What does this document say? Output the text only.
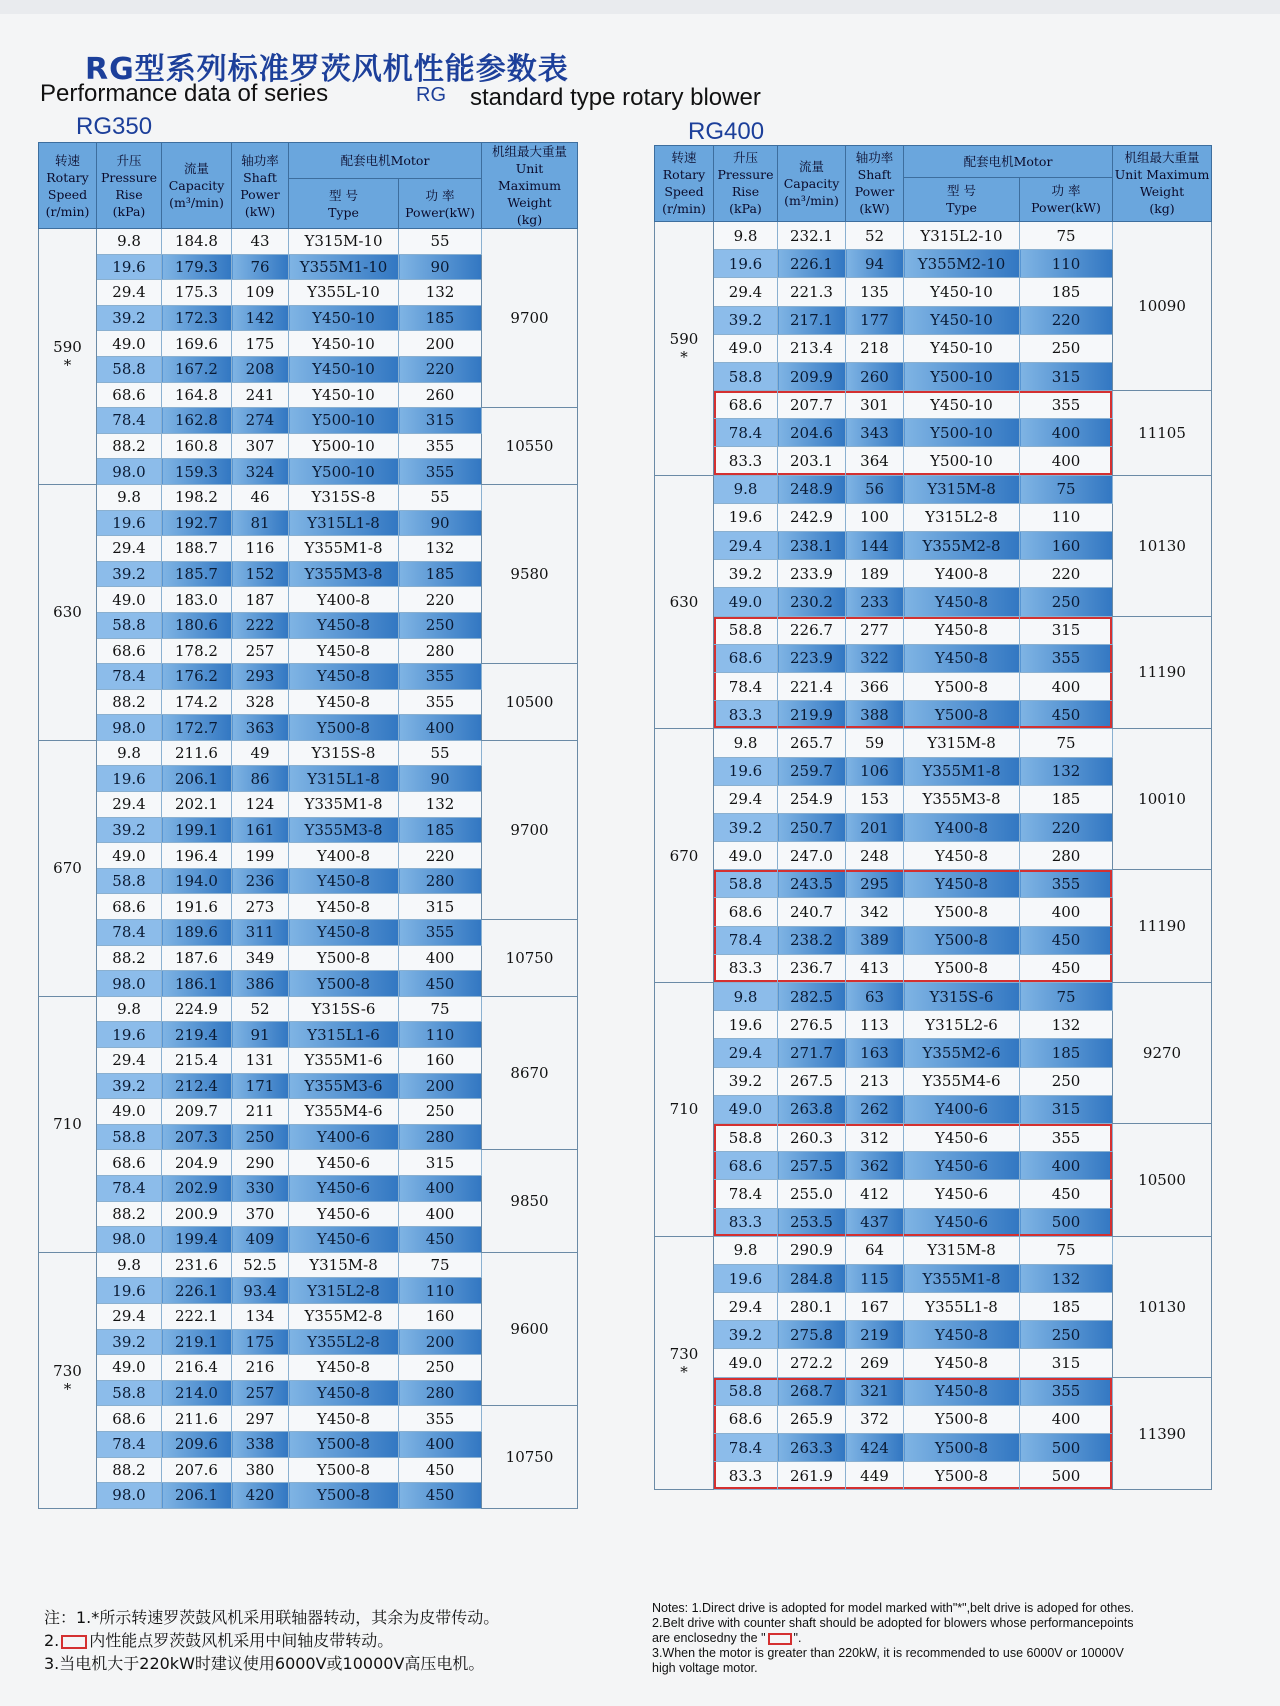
RG型系列标准罗茨风机性能参数表
Performance data of series	RG standard type rotary blower
RG350	RG400
转速
Rotary
Speed
(r/min)	升压
Pressure
Rise
(kPa)	流量
Capacity
(m³/min)	轴功率
Shaft
Power
(kW)	配套电机Motor		机组最大重量
Unit Maximum
Weight
(kg)
				型 号
Type	功 率
Power(kW)	
590
*	9.8	184.8	43	Y315M-10	55	9700
	19.6	179.3	76	Y355M1-10	90	
	29.4	175.3	109	Y355L-10	132	
	39.2	172.3	142	Y450-10	185	
	49.0	169.6	175	Y450-10	200	
	58.8	167.2	208	Y450-10	220	
	68.6	164.8	241	Y450-10	260	
	78.4	162.8	274	Y500-10	315	10550
	88.2	160.8	307	Y500-10	355	
	98.0	159.3	324	Y500-10	355	
630	9.8	198.2	46	Y315S-8	55	9580
	19.6	192.7	81	Y315L1-8	90	
	29.4	188.7	116	Y355M1-8	132	
	39.2	185.7	152	Y355M3-8	185	
	49.0	183.0	187	Y400-8	220	
	58.8	180.6	222	Y450-8	250	
	68.6	178.2	257	Y450-8	280	
	78.4	176.2	293	Y450-8	355	10500
	88.2	174.2	328	Y450-8	355	
	98.0	172.7	363	Y500-8	400	
670	9.8	211.6	49	Y315S-8	55	9700
	19.6	206.1	86	Y315L1-8	90	
	29.4	202.1	124	Y335M1-8	132	
	39.2	199.1	161	Y355M3-8	185	
	49.0	196.4	199	Y400-8	220	
	58.8	194.0	236	Y450-8	280	
	68.6	191.6	273	Y450-8	315	
	78.4	189.6	311	Y450-8	355	10750
	88.2	187.6	349	Y500-8	400	
	98.0	186.1	386	Y500-8	450	
710	9.8	224.9	52	Y315S-6	75	8670
	19.6	219.4	91	Y315L1-6	110	
	29.4	215.4	131	Y355M1-6	160	
	39.2	212.4	171	Y355M3-6	200	
	49.0	209.7	211	Y355M4-6	250	
	58.8	207.3	250	Y400-6	280	
	68.6	204.9	290	Y450-6	315	9850
	78.4	202.9	330	Y450-6	400	
	88.2	200.9	370	Y450-6	400	
	98.0	199.4	409	Y450-6	450	
730
*	9.8	231.6	52.5	Y315M-8	75	9600
	19.6	226.1	93.4	Y315L2-8	110	
	29.4	222.1	134	Y355M2-8	160	
	39.2	219.1	175	Y355L2-8	200	
	49.0	216.4	216	Y450-8	250	
	58.8	214.0	257	Y450-8	280	
	68.6	211.6	297	Y450-8	355	10750
	78.4	209.6	338	Y500-8	400	
	88.2	207.6	380	Y500-8	450	
	98.0	206.1	420	Y500-8	450	
转速
Rotary
Speed
(r/min)	升压
Pressure
Rise
(kPa)	流量
Capacity
(m³/min)	轴功率
Shaft
Power
(kW)	配套电机Motor		机组最大重量
Unit Maximum
Weight
(kg)
				型 号
Type	功 率
Power(kW)	
590
*	9.8	232.1	52	Y315L2-10	75	10090
	19.6	226.1	94	Y355M2-10	110	
	29.4	221.3	135	Y450-10	185	
	39.2	217.1	177	Y450-10	220	
	49.0	213.4	218	Y450-10	250	
	58.8	209.9	260	Y500-10	315	
	68.6	207.7	301	Y450-10	355	11105
	78.4	204.6	343	Y500-10	400	
	83.3	203.1	364	Y500-10	400	
630	9.8	248.9	56	Y315M-8	75	10130
	19.6	242.9	100	Y315L2-8	110	
	29.4	238.1	144	Y355M2-8	160	
	39.2	233.9	189	Y400-8	220	
	49.0	230.2	233	Y450-8	250	
	58.8	226.7	277	Y450-8	315	11190
	68.6	223.9	322	Y450-8	355	
	78.4	221.4	366	Y500-8	400	
	83.3	219.9	388	Y500-8	450	
670	9.8	265.7	59	Y315M-8	75	10010
	19.6	259.7	106	Y355M1-8	132	
	29.4	254.9	153	Y355M3-8	185	
	39.2	250.7	201	Y400-8	220	
	49.0	247.0	248	Y450-8	280	
	58.8	243.5	295	Y450-8	355	11190
	68.6	240.7	342	Y500-8	400	
	78.4	238.2	389	Y500-8	450	
	83.3	236.7	413	Y500-8	450	
710	9.8	282.5	63	Y315S-6	75	9270
	19.6	276.5	113	Y315L2-6	132	
	29.4	271.7	163	Y355M2-6	185	
	39.2	267.5	213	Y355M4-6	250	
	49.0	263.8	262	Y400-6	315	
	58.8	260.3	312	Y450-6	355	10500
	68.6	257.5	362	Y450-6	400	
	78.4	255.0	412	Y450-6	450	
	83.3	253.5	437	Y450-6	500	
730
*	9.8	290.9	64	Y315M-8	75	10130
	19.6	284.8	115	Y355M1-8	132	
	29.4	280.1	167	Y355L1-8	185	
	39.2	275.8	219	Y450-8	250	
	49.0	272.2	269	Y450-8	315	
	58.8	268.7	321	Y450-8	355	11390
	68.6	265.9	372	Y500-8	400	
	78.4	263.3	424	Y500-8	500	
	83.3	261.9	449	Y500-8	500	
注：1.*所示转速罗茨鼓风机采用联轴器转动，其余为皮带传动。
2. 内性能点罗茨鼓风机采用中间轴皮带转动。
3.当电机大于220kW时建议使用6000V或10000V高压电机。
Notes: 1.Direct drive is adopted for model marked with"*",belt drive is adoped for othes.
2.Belt drive with counter shaft should be adopted for blowers whose performancepoints
are enclosedny the " ".
3.When the motor is greater than 220kW, it is recommended to use 6000V or 10000V
high voltage motor.
